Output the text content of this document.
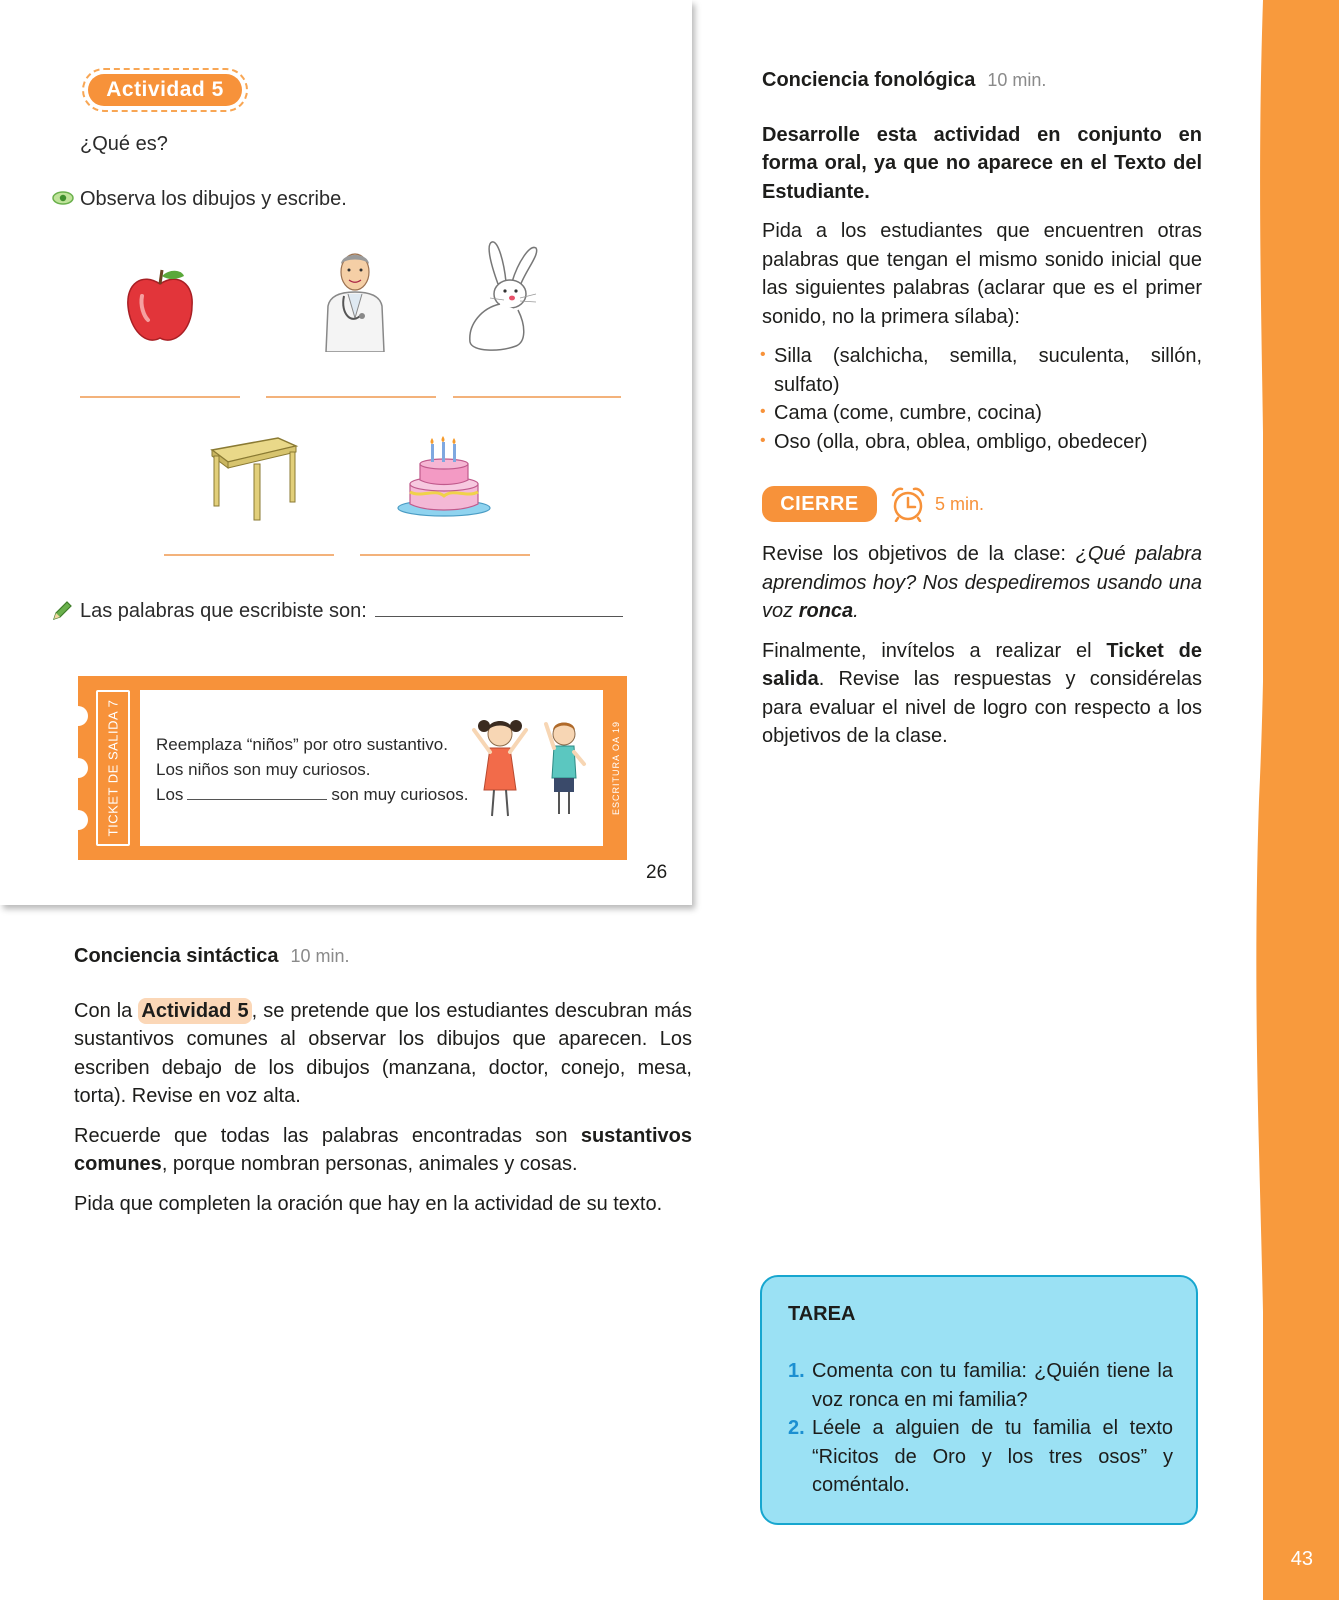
43
Actividad 5
¿Qué es?
Observa los dibujos y escribe.
Las palabras que escribiste son:
TICKET DE SALIDA 7	ESCRITURA OA 19
Reemplaza “niños” por otro sustantivo.
Los niños son muy curiosos.
Los	son muy curiosos.
26
Conciencia fonológica 10 min.

Desarrolle esta actividad en conjunto en forma oral, ya que no aparece en el Texto del Estudiante.

Pida a los estudiantes que encuentren otras palabras que tengan el mismo sonido inicial que las siguientes palabras (aclarar que es el primer sonido, no la primera sílaba):

• Silla (salchicha, semilla, suculenta, sillón, sulfato)
• Cama (come, cumbre, cocina)
• Oso (olla, obra, oblea, ombligo, obedecer)
CIERRE	5 min.

Revise los objetivos de la clase: ¿Qué palabra aprendimos hoy? Nos despediremos usando una voz ronca.

Finalmente, invítelos a realizar el Ticket de salida. Revise las respuestas y considérelas para evaluar el nivel de logro con respecto a los objetivos de la clase.

Conciencia sintáctica 10 min.

Con la Actividad 5 , se pretende que los estudiantes descubran más sustantivos comunes al observar los dibujos que aparecen. Los escriben debajo de los dibujos (manzana, doctor, conejo, mesa, torta). Revise en voz alta.

Recuerde que todas las palabras encontradas son sustantivos comunes, porque nombran personas, animales y cosas.

Pida que completen la oración que hay en la actividad de su texto.

TAREA
1. Comenta con tu familia: ¿Quién tiene la voz ronca en mi familia?
2. Léele a alguien de tu familia el texto “Ricitos de Oro y los tres osos” y coméntalo.
